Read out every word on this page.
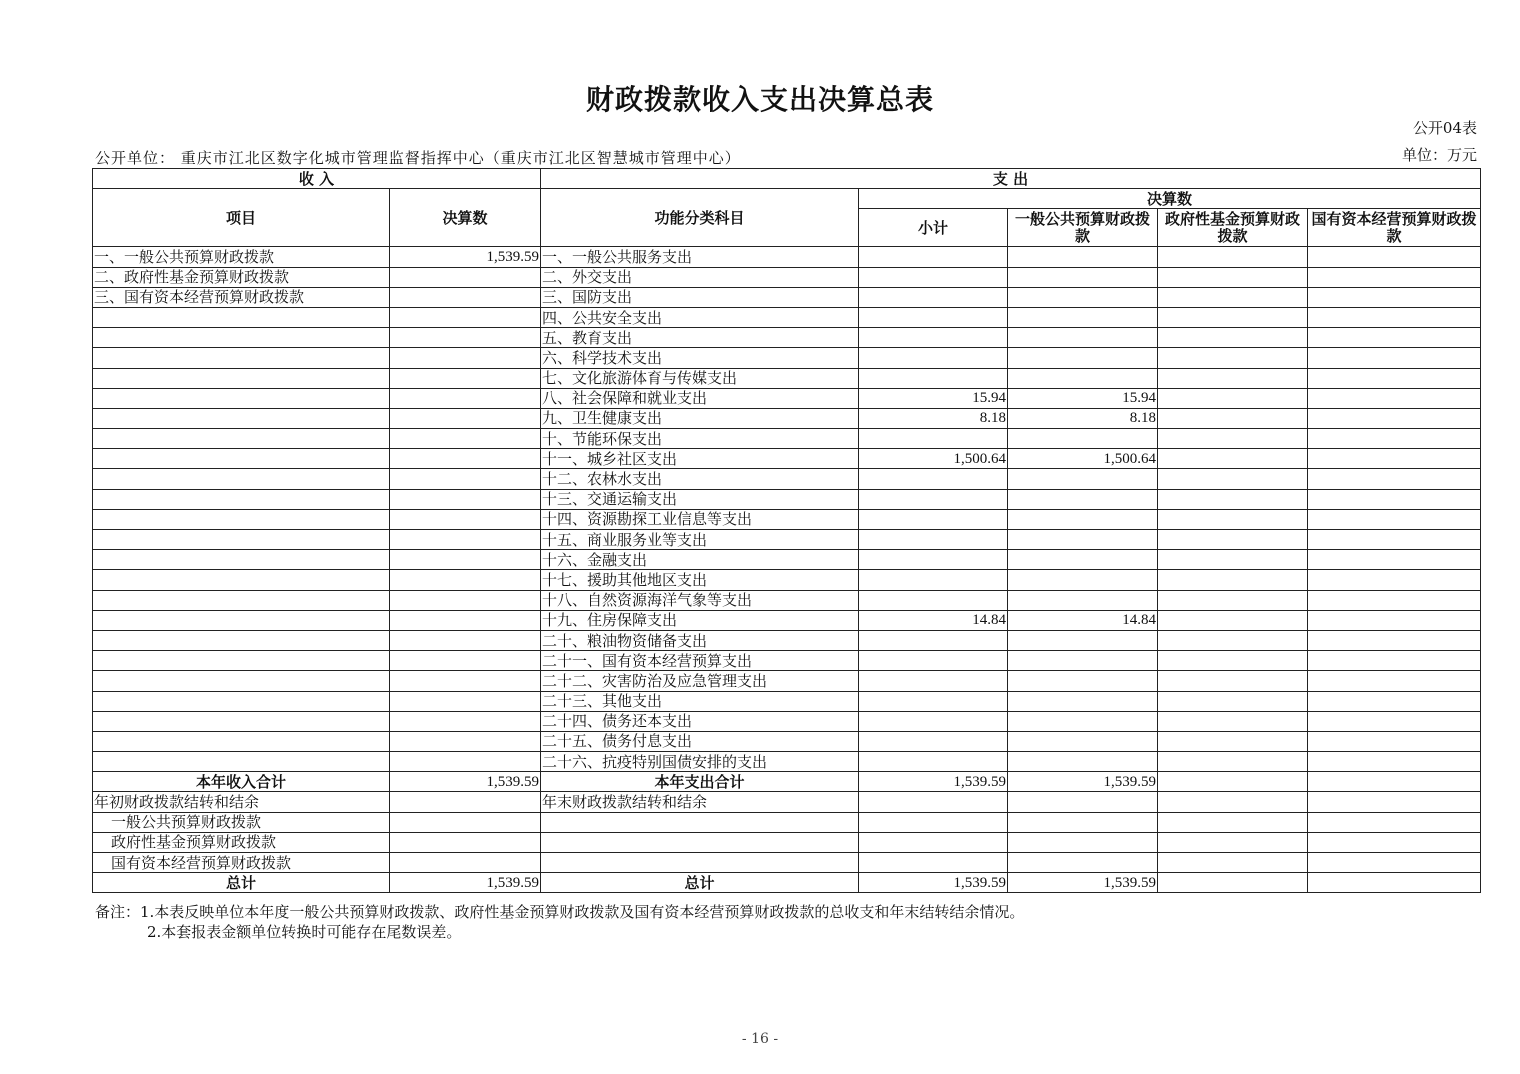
财政拨款收入支出决算总表
公开04表
单位：万元
公开单位： 重庆市江北区数字化城市管理监督指挥中心（重庆市江北区智慧城市管理中心）
收 入		支 出				
项目	决算数	功能分类科目	决算数			
			小计	一般公共预算财政拨款	政府性基金预算财政拨款	国有资本经营预算财政拨款
一、一般公共预算财政拨款	1,539.59	一、一般公共服务支出				
二、政府性基金预算财政拨款		二、外交支出				
三、国有资本经营预算财政拨款		三、国防支出				
		四、公共安全支出				
		五、教育支出				
		六、科学技术支出				
		七、文化旅游体育与传媒支出				
		八、社会保障和就业支出	15.94	15.94		
		九、卫生健康支出	8.18	8.18		
		十、节能环保支出				
		十一、城乡社区支出	1,500.64	1,500.64		
		十二、农林水支出				
		十三、交通运输支出				
		十四、资源勘探工业信息等支出				
		十五、商业服务业等支出				
		十六、金融支出				
		十七、援助其他地区支出				
		十八、自然资源海洋气象等支出				
		十九、住房保障支出	14.84	14.84		
		二十、粮油物资储备支出				
		二十一、国有资本经营预算支出				
		二十二、灾害防治及应急管理支出				
		二十三、其他支出				
		二十四、债务还本支出				
		二十五、债务付息支出				
		二十六、抗疫特别国债安排的支出				
本年收入合计	1,539.59	本年支出合计	1,539.59	1,539.59		
年初财政拨款结转和结余		年末财政拨款结转和结余				
一般公共预算财政拨款						
政府性基金预算财政拨款						
国有资本经营预算财政拨款						
总计	1,539.59	总计	1,539.59	1,539.59		
备注：1.本表反映单位本年度一般公共预算财政拨款、政府性基金预算财政拨款及国有资本经营预算财政拨款的总收支和年末结转结余情况。
2.本套报表金额单位转换时可能存在尾数误差。
- 16 -
